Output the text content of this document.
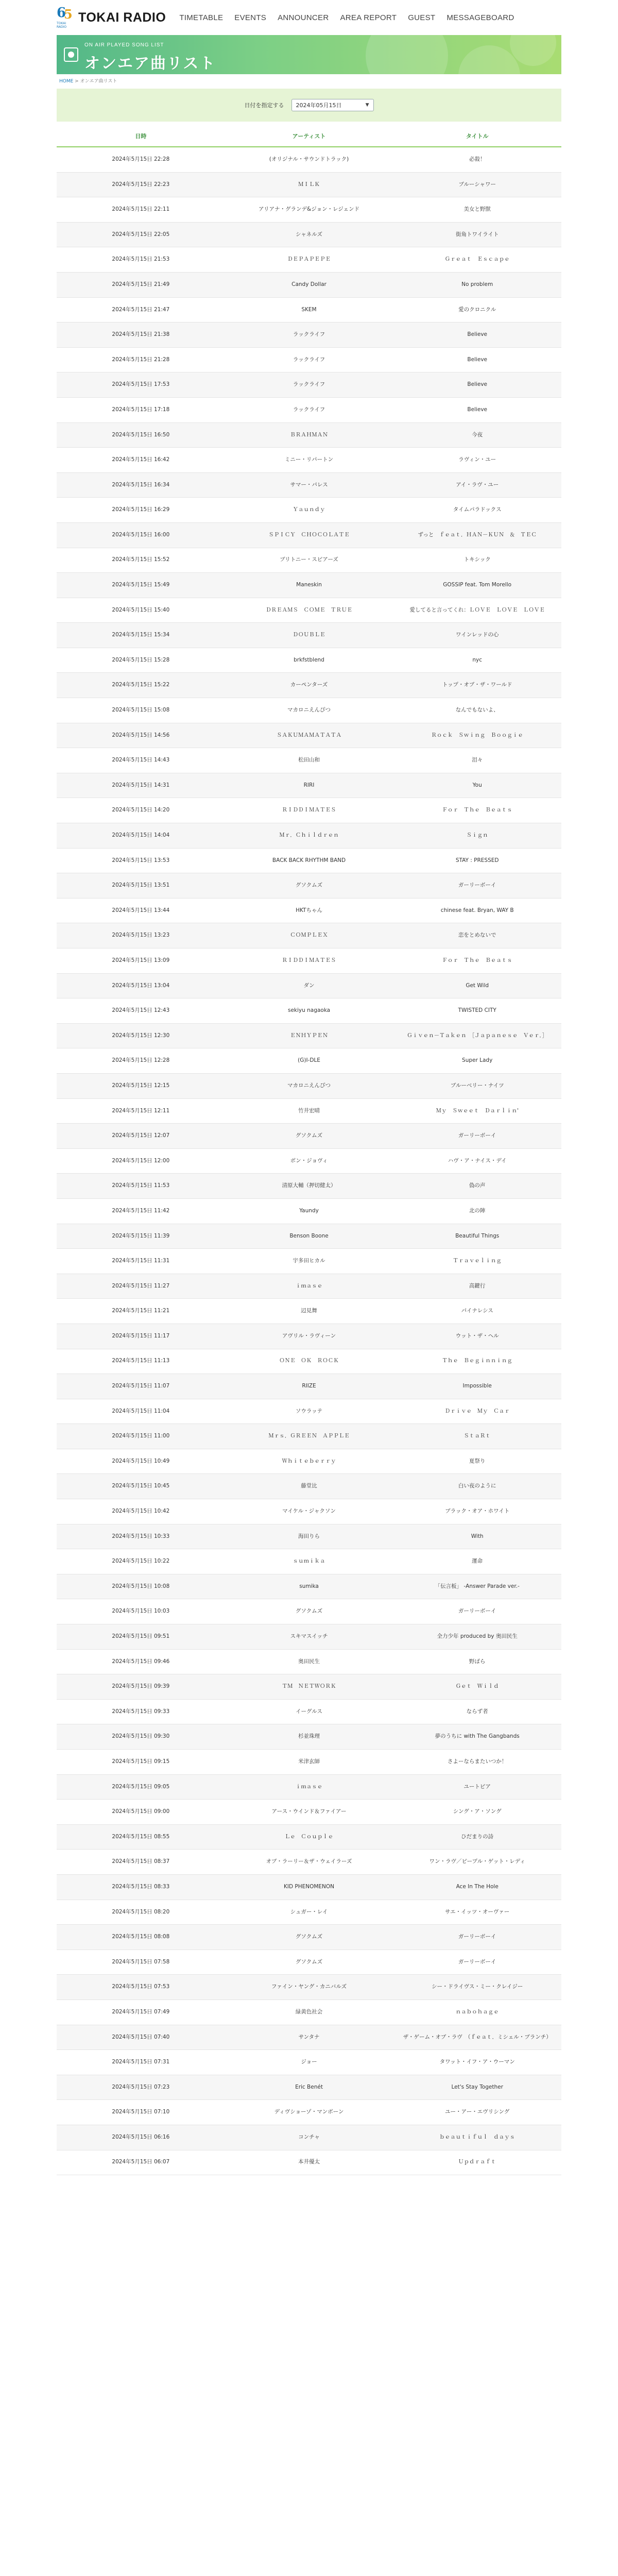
6
5
TOKAI RADIO
TOKAI RADIO TIMETABLE EVENTS ANNOUNCER AREA REPORT GUEST MESSAGEBOARD
ON AIR PLAYED SONG LIST
オンエア曲リスト
HOME > オンエア曲リスト
日付を指定する 2024年05月15日	▼
日時	アーティスト	タイトル
2024年5月15日 22:28	(オリジナル・サウンドトラック)	必殺！
2024年5月15日 22:23	ＭＩＬＫ	ブルーシャワー
2024年5月15日 22:11	アリアナ・グランデ&ジョン・レジェンド	美女と野獣
2024年5月15日 22:05	シャネルズ	街角トワイライト
2024年5月15日 21:53	ＤＥＰＡＰＥＰＥ	Ｇｒｅａｔ　Ｅｓｃａｐｅ
2024年5月15日 21:49	Candy Dollar	No problem
2024年5月15日 21:47	SKEM	愛のクロニクル
2024年5月15日 21:38	ラックライフ	Believe
2024年5月15日 21:28	ラックライフ	Believe
2024年5月15日 17:53	ラックライフ	Believe
2024年5月15日 17:18	ラックライフ	Believe
2024年5月15日 16:50	ＢＲＡＨＭＡＮ	今夜
2024年5月15日 16:42	ミニー・リパートン	ラヴィン・ユー
2024年5月15日 16:34	サマー・パレス	アイ・ラヴ・ユー
2024年5月15日 16:29	Ｙａｕｎｄｙ	タイムパラドックス
2024年5月15日 16:00	ＳＰＩＣＹ　ＣＨＯＣＯＬＡＴＥ	ずっと　ｆｅａｔ．ＨＡＮ－ＫＵＮ　＆　ＴＥＣ
2024年5月15日 15:52	ブリトニー・スピアーズ	トキシック
2024年5月15日 15:49	Maneskin	GOSSIP feat. Tom Morello
2024年5月15日 15:40	ＤＲＥＡＭＳ　ＣＯＭＥ　ＴＲＵＥ	愛してると言ってくれ：ＬＯＶＥ　ＬＯＶＥ　ＬＯＶＥ
2024年5月15日 15:34	ＤＯＵＢＬＥ	ワインレッドの心
2024年5月15日 15:28	brkfstblend	nyc
2024年5月15日 15:22	カーペンターズ	トップ・オブ・ザ・ワールド
2024年5月15日 15:08	マカロニえんぴつ	なんでもないよ、
2024年5月15日 14:56	ＳＡＫＵＭＡＭＡＴＡＴＡ	Ｒｏｃｋ　Ｓｗｉｎｇ　Ｂｏｏｇｉｅ
2024年5月15日 14:43	松田山和	泪々
2024年5月15日 14:31	RIRI	You
2024年5月15日 14:20	ＲＩＤＤＩＭＡＴＥＳ	Ｆｏｒ　Ｔｈｅ　Ｂｅａｔｓ
2024年5月15日 14:04	Ｍｒ．Ｃｈｉｌｄｒｅｎ	Ｓｉｇｎ
2024年5月15日 13:53	BACK BACK RHYTHM BAND	STAY : PRESSED
2024年5月15日 13:51	グソクムズ	ガーリーボーイ
2024年5月15日 13:44	HKTちゃん	chinese feat. Bryan, WAY B
2024年5月15日 13:23	ＣＯＭＰＬＥＸ	恋をとめないで
2024年5月15日 13:09	ＲＩＤＤＩＭＡＴＥＳ	Ｆｏｒ　Ｔｈｅ　Ｂｅａｔｓ
2024年5月15日 13:04	ダン	Get Wild
2024年5月15日 12:43	sekiyu nagaoka	TWISTED CITY
2024年5月15日 12:30	ＥＮＨＹＰＥＮ	Ｇｉｖｅｎ－Ｔａｋｅｎ　［Ｊａｐａｎｅｓｅ　Ｖｅｒ．］
2024年5月15日 12:28	(G)I-DLE	Super Lady
2024年5月15日 12:15	マカロニえんぴつ	ブルーベリー・ナイツ
2024年5月15日 12:11	竹井宏晴	Ｍｙ　Ｓｗｅｅｔ　Ｄａｒｌｉｎ'
2024年5月15日 12:07	グソクムズ	ガーリーボーイ
2024年5月15日 12:00	ボン・ジョヴィ	ハヴ・ア・ナイス・デイ
2024年5月15日 11:53	清原大輔（押切健太）	偽の声
2024年5月15日 11:42	Yaundy	北の陣
2024年5月15日 11:39	Benson Boone	Beautiful Things
2024年5月15日 11:31	宇多田ヒカル	Ｔｒａｖｅｌｉｎｇ
2024年5月15日 11:27	ｉｍａｓｅ	高鍵行
2024年5月15日 11:21	辺見舞	パイナレシス
2024年5月15日 11:17	アヴリル・ラヴィーン	ウット・ザ・ヘル
2024年5月15日 11:13	ＯＮＥ　ＯＫ　ＲＯＣＫ	Ｔｈｅ　Ｂｅｇｉｎｎｉｎｇ
2024年5月15日 11:07	RIIZE	Impossible
2024年5月15日 11:04	ソウラッテ	Ｄｒｉｖｅ　Ｍｙ　Ｃａｒ
2024年5月15日 11:00	Ｍｒｓ．ＧＲＥＥＮ　ＡＰＰＬＥ	ＳｔａＲｔ
2024年5月15日 10:49	Ｗｈｉｔｅｂｅｒｒｙ	夏祭り
2024年5月15日 10:45	藤堂比	白い夜のように
2024年5月15日 10:42	マイケル・ジャクソン	ブラック・オア・ホワイト
2024年5月15日 10:33	海田りら	With
2024年5月15日 10:22	ｓｕｍｉｋａ	運命
2024年5月15日 10:08	sumika	「伝言板」 -Answer Parade ver.-
2024年5月15日 10:03	グソクムズ	ガーリーボーイ
2024年5月15日 09:51	スキマスイッチ	全力少年 produced by 奥田民生
2024年5月15日 09:46	奥田民生	野ばら
2024年5月15日 09:39	ＴＭ　ＮＥＴＷＯＲＫ	Ｇｅｔ　Ｗｉｌｄ
2024年5月15日 09:33	イーグルス	ならず者
2024年5月15日 09:30	杉並珠理	夢のうちに with The Gangbands
2024年5月15日 09:15	米津玄師	さよーならまたいつか！
2024年5月15日 09:05	ｉｍａｓｅ	ユートピア
2024年5月15日 09:00	アース・ウインド＆ファイアー	シング・ア・ソング
2024年5月15日 08:55	Ｌｅ　Ｃｏｕｐｌｅ	ひだまりの詩
2024年5月15日 08:37	オブ・ラーリー＆ザ・ウェイラーズ	ワン・ラヴ／ピープル・ゲット・レディ
2024年5月15日 08:33	KID PHENOMENON	Ace In The Hole
2024年5月15日 08:20	シュガー・レイ	サエ・イッツ・オーヴァー
2024年5月15日 08:08	グソクムズ	ガーリーボーイ
2024年5月15日 07:58	グソクムズ	ガーリーボーイ
2024年5月15日 07:53	ファイン・ヤング・カニバルズ	シー・ドライヴス・ミー・クレイジー
2024年5月15日 07:49	緑黄色社会	ｎａｂｏｈａｇｅ
2024年5月15日 07:40	サンタナ	ザ・ゲーム・オブ・ラヴ　（ｆｅａｔ．ミシェル・ブランチ）
2024年5月15日 07:31	ジョー	タワット・イフ・ア・ウーマン
2024年5月15日 07:23	Eric Benét	Let's Stay Together
2024年5月15日 07:10	ディヴショーゾ・マンボーン	ユー・アー・エヴリシング
2024年5月15日 06:16	コンチャ	ｂｅａｕｔｉｆｕｌ　ｄａｙｓ
2024年5月15日 06:07	本井優太	Ｕｐｄｒａｆｔ
